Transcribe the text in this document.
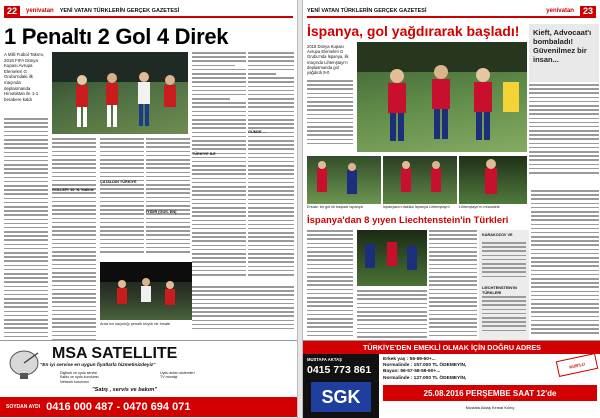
22	yenivatan YENİ VATAN TÜRKLERİN GERÇEK GAZETESİ
1 Penaltı 2 Gol 4 Direk
A Milli Futbol Takımı, 2018 FIFA Dünya Kupası Avrupa Elemeleri G Grubu'ndaki ilk maçında deplasmanda Hırvatistan ile 1-1 berabere kaldı
GOLLER: 10. N. Kalinic
ÇATALDIN TÜRKİYE
İYİDİR (GUS. EN)
TÜRKİYE İLE
GÜNDE ...
Arda'nın kaçırdığı penaltı büyük bir fırsattı
MSA SATELLITE
"En iyi servise en uygun fiyatlarla hizmetinizdeyiz"
Digiturk ve uydu servisi
Kablo ve uydu kurulumu
Network kurulumu
Uydu anten sistemleri
TV montajı
"Satış , servis ve bakım"
SOYDAN AYDI 0416 000 487 - 0470 694 071
YENİ VATAN TÜRKLERİN GERÇEK GAZETESİ	yenivatan	23
İspanya, gol yağdırarak başladı! Kieft, Advocaat'ı bombaladı! Güvenilmez bir insan...
2018 Dünya Kupası Avrupa Elemeleri G Grubu'nda İspanya, ilk maçında Lihtenştayn'ı deplasmanda gol yağdırdı 8-0
Ersatz: bir gol ile başladı İspanya	İspanyanın dakika İspanya Lihtenştayn'ı	Lihtenştayn'ın mücadele
İspanya'dan 8 yıyen Liechtenstein'in Türkleri
KARAKOZOV VE
LIECHTENSTEIN'IN TÜRKLERİ
TÜRKİYE'DEN EMEKLİ OLMAK İÇİN DOĞRU ADRES
MUSTAFA AKTAŞ
0415 773 861
SGK
Erkek yaş : 56-59-60+...
Normalinde : 157.000 TL ÖDEMEYİN,
Bayan: 56-57-58-59-60+...
Normalinde : 127.000 TL ÖDEMEYİN,
KUR'LU
25.08.2016 PERŞEMBE SAAT 12'de
Mustafa Aktaş Kemal Kılınç
